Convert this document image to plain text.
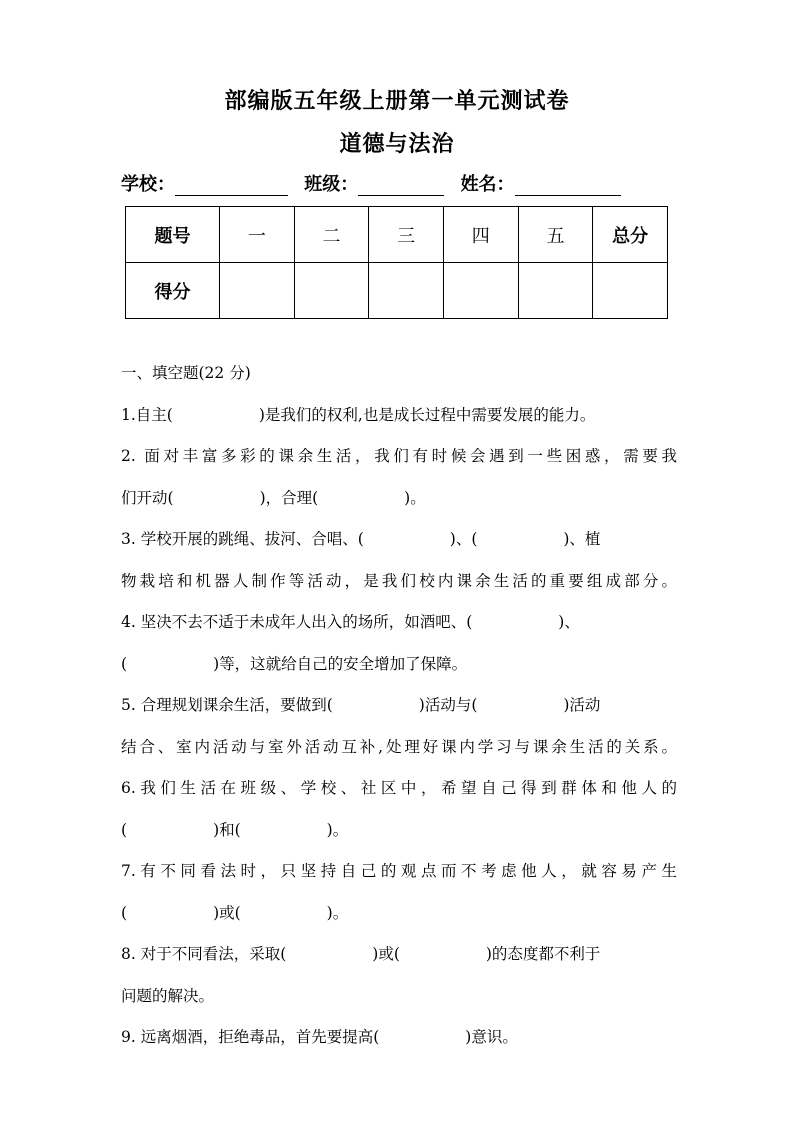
部编版五年级上册第一单元测试卷
道德与法治
学校：	班级：	姓名：
题号	一	二	三	四	五	总分
得分						
一、填空题(22 分)
1.自主(	)是我们的权利,也是成长过程中需要发展的能力。
2. 面对丰富多彩的课余生活，我们有时候会遇到一些困惑，需要我
们开动(	)，合理(	)。
3. 学校开展的跳绳、拔河、合唱、(	)、(	)、植
物栽培和机器人制作等活动，是我们校内课余生活的重要组成部分。
4. 坚决不去不适于未成年人出入的场所，如酒吧、(	)、
(	)等，这就给自己的安全增加了保障。
5. 合理规划课余生活，要做到(	)活动与(	)活动
结合、室内活动与室外活动互补,处理好课内学习与课余生活的关系。
6.我们生活在班级、学校、社区中，希望自己得到群体和他人的
(	)和(	)。
7.有不同看法时，只坚持自己的观点而不考虑他人，就容易产生
(	)或(	)。
8. 对于不同看法，采取(	)或(	)的态度都不利于
问题的解决。
9. 远离烟酒，拒绝毒品，首先要提高(	)意识。
